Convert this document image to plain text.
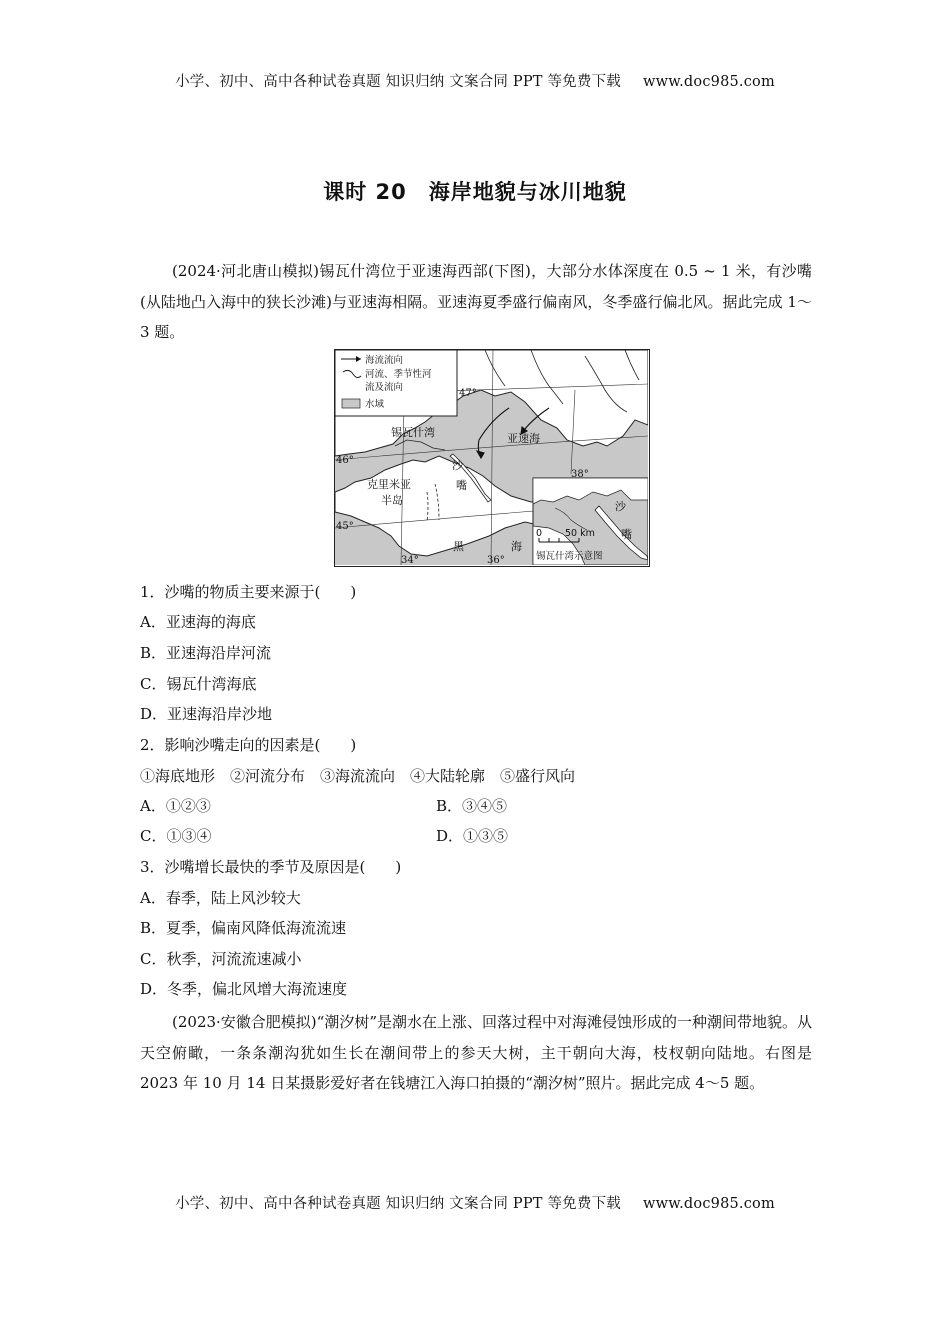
小学、初中、高中各种试卷真题 知识归纳 文案合同 PPT 等免费下载 www.doc985.com
课时 20　海岸地貌与冰川地貌
(2024·河北唐山模拟)锡瓦什湾位于亚速海西部(下图)，大部分水体深度在 0.5 ~ 1 米，有沙嘴(从陆地凸入海中的狭长沙滩)与亚速海相隔。亚速海夏季盛行偏南风，冬季盛行偏北风。据此完成 1～3 题。
海流流向
河流、季节性河
流及流向
水域
0 50 km
锡瓦什湾示意图
沙
嘴
锡瓦什湾	亚速海
沙
嘴
克里米亚
半岛
黑	海
47°
46°
45°
34°	36°
38°
1．沙嘴的物质主要来源于(　　)
A．亚速海的海底
B．亚速海沿岸河流
C．锡瓦什湾海底
D．亚速海沿岸沙地
2．影响沙嘴走向的因素是(　　)
①海底地形　②河流分布　③海流流向　④大陆轮廓　⑤盛行风向
A．①②③	B．③④⑤
C．①③④	D．①③⑤
3．沙嘴增长最快的季节及原因是(　　)
A．春季，陆上风沙较大
B．夏季，偏南风降低海流流速
C．秋季，河流流速减小
D．冬季，偏北风增大海流速度
(2023·安徽合肥模拟)“潮汐树”是潮水在上涨、回落过程中对海滩侵蚀形成的一种潮间带地貌。从天空俯瞰，一条条潮沟犹如生长在潮间带上的参天大树，主干朝向大海，枝杈朝向陆地。右图是 2023 年 10 月 14 日某摄影爱好者在钱塘江入海口拍摄的“潮汐树”照片。据此完成 4～5 题。
小学、初中、高中各种试卷真题 知识归纳 文案合同 PPT 等免费下载 www.doc985.com
